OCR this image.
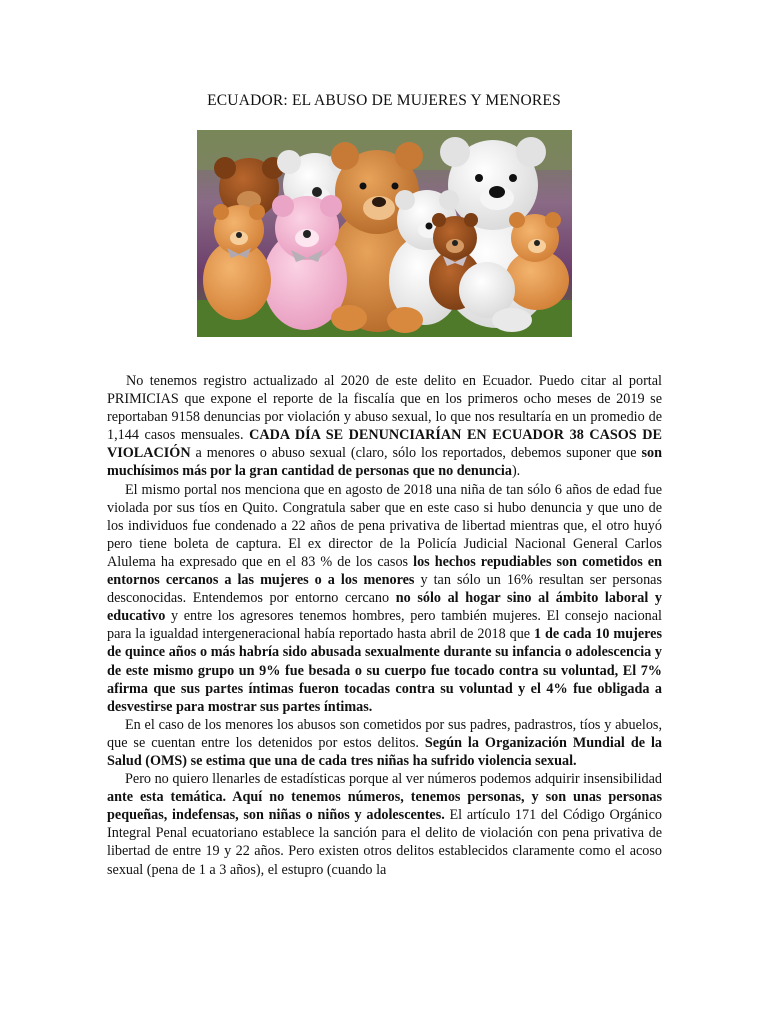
ECUADOR: EL ABUSO DE MUJERES Y MENORES

No tenemos registro actualizado al 2020 de este delito en Ecuador. Puedo citar al portal PRIMICIAS que expone el reporte de la fiscalía que en los primeros ocho meses de 2019 se reportaban 9158 denuncias por violación y abuso sexual, lo que nos resultaría en un promedio de 1,144 casos mensuales. CADA DÍA SE DENUNCIARÍAN EN ECUADOR 38 CASOS DE VIOLACIÓN a menores o abuso sexual (claro, sólo los reportados, debemos suponer que son muchísimos más por la gran cantidad de personas que no denuncia).

El mismo portal nos menciona que en agosto de 2018 una niña de tan sólo 6 años de edad fue violada por sus tíos en Quito. Congratula saber que en este caso si hubo denuncia y que uno de los individuos fue condenado a 22 años de pena privativa de libertad mientras que, el otro huyó pero tiene boleta de captura. El ex director de la Policía Judicial Nacional General Carlos Alulema ha expresado que en el 83 % de los casos los hechos repudiables son cometidos en entornos cercanos a las mujeres o a los menores y tan sólo un 16% resultan ser personas desconocidas. Entendemos por entorno cercano no sólo al hogar sino al ámbito laboral y educativo y entre los agresores tenemos hombres, pero también mujeres. El consejo nacional para la igualdad intergeneracional había reportado hasta abril de 2018 que 1 de cada 10 mujeres de quince años o más habría sido abusada sexualmente durante su infancia o adolescencia y de este mismo grupo un 9% fue besada o su cuerpo fue tocado contra su voluntad, El 7% afirma que sus partes íntimas fueron tocadas contra su voluntad y el 4% fue obligada a desvestirse para mostrar sus partes íntimas.

En el caso de los menores los abusos son cometidos por sus padres, padrastros, tíos y abuelos, que se cuentan entre los detenidos por estos delitos. Según la Organización Mundial de la Salud (OMS) se estima que una de cada tres niñas ha sufrido violencia sexual.

Pero no quiero llenarles de estadísticas porque al ver números podemos adquirir insensibilidad ante esta temática. Aquí no tenemos números, tenemos personas, y son unas personas pequeñas, indefensas, son niñas o niños y adolescentes. El artículo 171 del Código Orgánico Integral Penal ecuatoriano establece la sanción para el delito de violación con pena privativa de libertad de entre 19 y 22 años. Pero existen otros delitos establecidos claramente como el acoso sexual (pena de 1 a 3 años), el estupro (cuando la
